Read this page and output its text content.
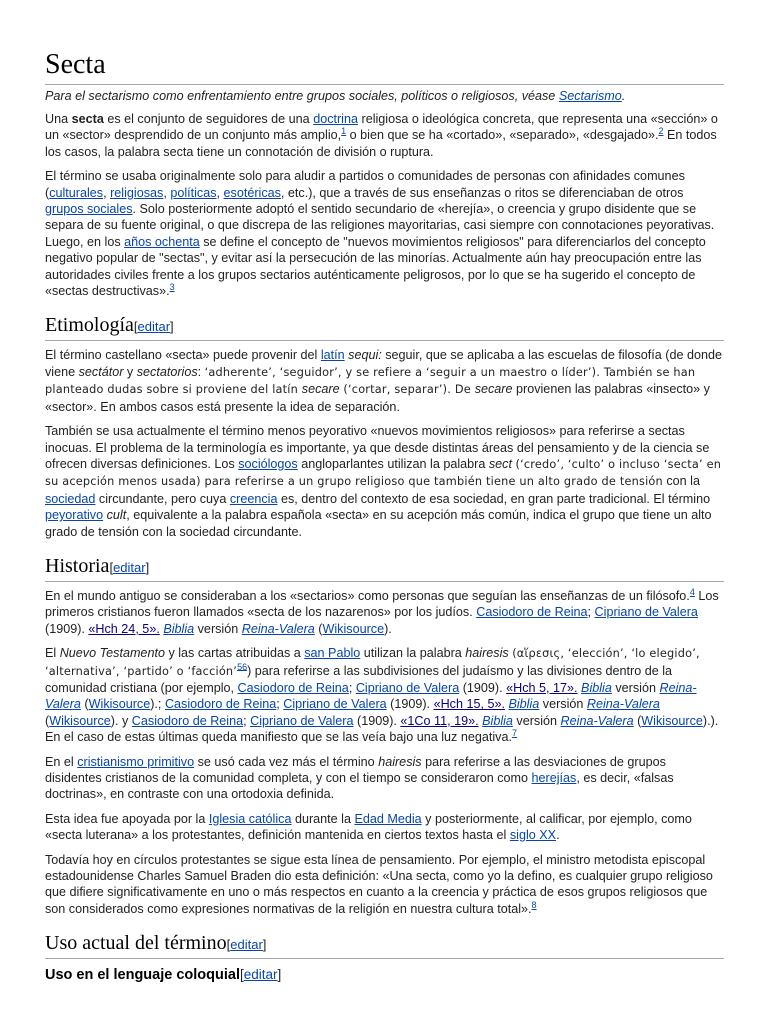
Secta
Para el sectarismo como enfrentamiento entre grupos sociales, políticos o religiosos, véase Sectarismo.

Una secta es el conjunto de seguidores de una doctrina religiosa o ideológica concreta, que representa una «sección» o un «sector» desprendido de un conjunto más amplio,$^1$ o bien que se ha «cortado», «separado», «desgajado».$^2$ En todos los casos, la palabra secta tiene un connotación de división o ruptura.

El término se usaba originalmente solo para aludir a partidos o comunidades de personas con afinidades comunes (culturales, religiosas, políticas, esotéricas, etc.), que a través de sus enseñanzas o ritos se diferenciaban de otros grupos sociales. Solo posteriormente adoptó el sentido secundario de «herejía», o creencia y grupo disidente que se separa de su fuente original, o que discrepa de las religiones mayoritarias, casi siempre con connotaciones peyorativas. Luego, en los años ochenta se define el concepto de "nuevos movimientos religiosos" para diferenciarlos del concepto negativo popular de "sectas", y evitar así la persecución de las minorías. Actualmente aún hay preocupación entre las autoridades civiles frente a los grupos sectarios auténticamente peligrosos, por lo que se ha sugerido el concepto de «sectas destructivas».$^3$

Etimología[editar]

El término castellano «secta» puede provenir del latín sequi: seguir, que se aplicaba a las escuelas de filosofía (de donde viene sectátor y sectatorios: ‘adherente’, ‘seguidor’, y se refiere a ‘seguir a un maestro o líder’). También se han planteado dudas sobre si proviene del latín secare (‘cortar, separar’). De secare provienen las palabras «insecto» y «sector». En ambos casos está presente la idea de separación.

También se usa actualmente el término menos peyorativo «nuevos movimientos religiosos» para referirse a sectas inocuas. El problema de la terminología es importante, ya que desde distintas áreas del pensamiento y de la ciencia se ofrecen diversas definiciones. Los sociólogos angloparlantes utilizan la palabra sect (‘credo’, ‘culto’ o incluso ‘secta’ en su acepción menos usada) para referirse a un grupo religioso que también tiene un alto grado de tensión con la sociedad circundante, pero cuya creencia es, dentro del contexto de esa sociedad, en gran parte tradicional. El término peyorativo cult, equivalente a la palabra española «secta» en su acepción más común, indica el grupo que tiene un alto grado de tensión con la sociedad circundante.

Historia[editar]

En el mundo antiguo se consideraban a los «sectarios» como personas que seguían las enseñanzas de un filósofo.$^4$ Los primeros cristianos fueron llamados «secta de los nazarenos» por los judíos. Casiodoro de Reina; Cipriano de Valera (1909). «Hch 24, 5». Biblia versión Reina-Valera (Wikisource).

El Nuevo Testamento y las cartas atribuidas a san Pablo utilizan la palabra hairesis (αἵρεσις, ‘elección’, ‘lo elegido’, ‘alternativa’, ‘partido’ o ‘facción’$^{56}$) para referirse a las subdivisiones del judaísmo y las divisiones dentro de la comunidad cristiana (por ejemplo, Casiodoro de Reina; Cipriano de Valera (1909). «Hch 5, 17». Biblia versión Reina-Valera (Wikisource).; Casiodoro de Reina; Cipriano de Valera (1909). «Hch 15, 5». Biblia versión Reina-Valera (Wikisource). y Casiodoro de Reina; Cipriano de Valera (1909). «1Co 11, 19». Biblia versión Reina-Valera (Wikisource).). En el caso de estas últimas queda manifiesto que se las veía bajo una luz negativa.$^7$

En el cristianismo primitivo se usó cada vez más el término hairesis para referirse a las desviaciones de grupos disidentes cristianos de la comunidad completa, y con el tiempo se consideraron como herejías, es decir, «falsas doctrinas», en contraste con una ortodoxia definida.

Esta idea fue apoyada por la Iglesia católica durante la Edad Media y posteriormente, al calificar, por ejemplo, como «secta luterana» a los protestantes, definición mantenida en ciertos textos hasta el siglo XX.

Todavía hoy en círculos protestantes se sigue esta línea de pensamiento. Por ejemplo, el ministro metodista episcopal estadounidense Charles Samuel Braden dio esta definición: «Una secta, como yo la defino, es cualquier grupo religioso que difiere significativamente en uno o más respectos en cuanto a la creencia y práctica de esos grupos religiosos que son considerados como expresiones normativas de la religión en nuestra cultura total».$^8$

Uso actual del término[editar]
Uso en el lenguaje coloquial[editar]
